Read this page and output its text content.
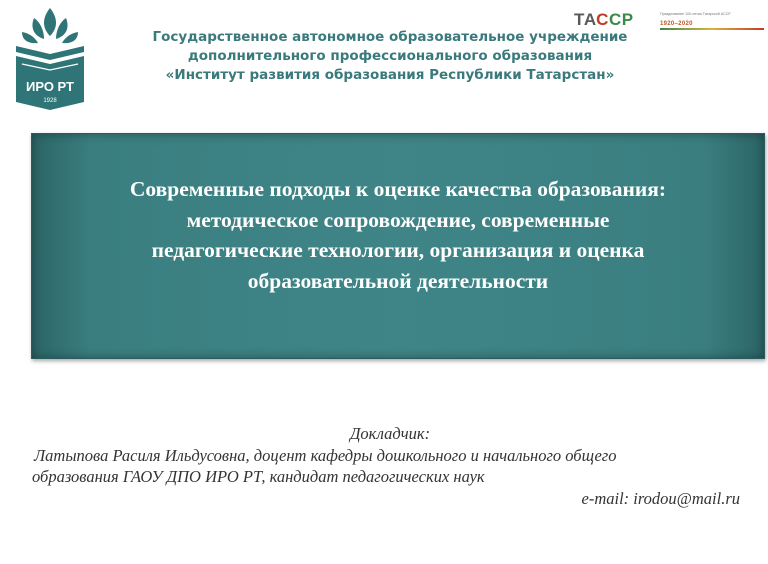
ИРО РТ
1928
Государственное автономное образовательное учреждение
дополнительного профессионального образования
«Институт развития образования Республики Татарстан»
ТАССР	Празднование 100-летия Татарской АССР
1920–2020
Современные подходы к оценке качества образования:
методическое сопровождение, современные
педагогические технологии, организация и оценка
образовательной деятельности
Докладчик:
Латыпова Расиля Ильдусовна, доцент кафедры дошкольного и начального общего
образования ГАОУ ДПО ИРО РТ, кандидат педагогических наук
e-mail: irodou@mail.ru
